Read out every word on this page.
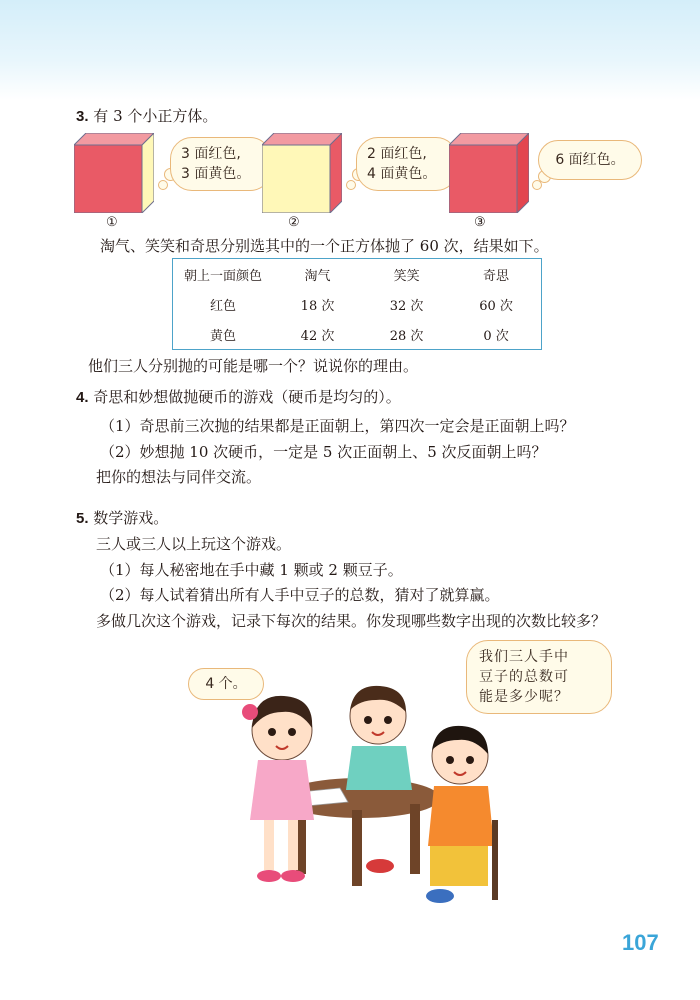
3. 有 3 个小正方体。
①
3 面红色,
3 面黄色。
②
2 面红色,
4 面黄色。
③
6 面红色。
淘气、笑笑和奇思分别选其中的一个正方体抛了 60 次，结果如下。
朝上一面颜色	淘气	笑笑	奇思
红色	18 次	32 次	60 次
黄色	42 次	28 次	0 次
他们三人分别抛的可能是哪一个？说说你的理由。
4. 奇思和妙想做抛硬币的游戏（硬币是均匀的）。
（1）奇思前三次抛的结果都是正面朝上，第四次一定会是正面朝上吗？
（2）妙想抛 10 次硬币，一定是 5 次正面朝上、5 次反面朝上吗？
把你的想法与同伴交流。
5. 数学游戏。
三人或三人以上玩这个游戏。
（1）每人秘密地在手中藏 1 颗或 2 颗豆子。
（2）每人试着猜出所有人手中豆子的总数，猜对了就算赢。
多做几次这个游戏，记录下每次的结果。你发现哪些数字出现的次数比较多？
4 个。
我们三人手中
豆子的总数可
能是多少呢？
107
